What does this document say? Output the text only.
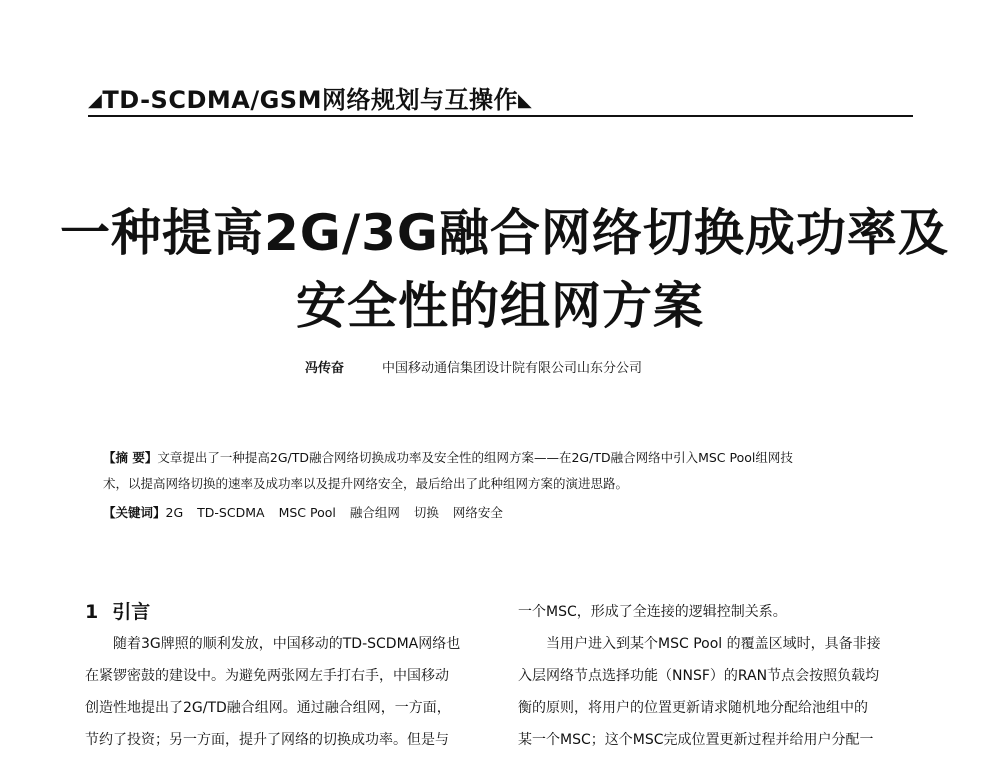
◢TD-SCDMA/GSM网络规划与互操作◣
一种提高2G/3G融合网络切换成功率及
安全性的组网方案
冯传奋	中国移动通信集团设计院有限公司山东分公司
【摘 要】文章提出了一种提高2G/TD融合网络切换成功率及安全性的组网方案——在2G/TD融合网络中引入MSC Pool组网技
术，以提高网络切换的速率及成功率以及提升网络安全，最后给出了此种组网方案的演进思路。
【关键词】2G TD-SCDMA MSC Pool 融合组网 切换 网络安全
1 引言
随着3G牌照的顺利发放，中国移动的TD-SCDMA网络也
在紧锣密鼓的建设中。为避免两张网左手打右手，中国移动
创造性地提出了2G/TD融合组网。通过融合组网，一方面，
节约了投资；另一方面，提升了网络的切换成功率。但是与
一个MSC，形成了全连接的逻辑控制关系。
当用户进入到某个MSC Pool 的覆盖区域时，具备非接
入层网络节点选择功能（NNSF）的RAN节点会按照负载均
衡的原则，将用户的位置更新请求随机地分配给池组中的
某一个MSC；这个MSC完成位置更新过程并给用户分配一
